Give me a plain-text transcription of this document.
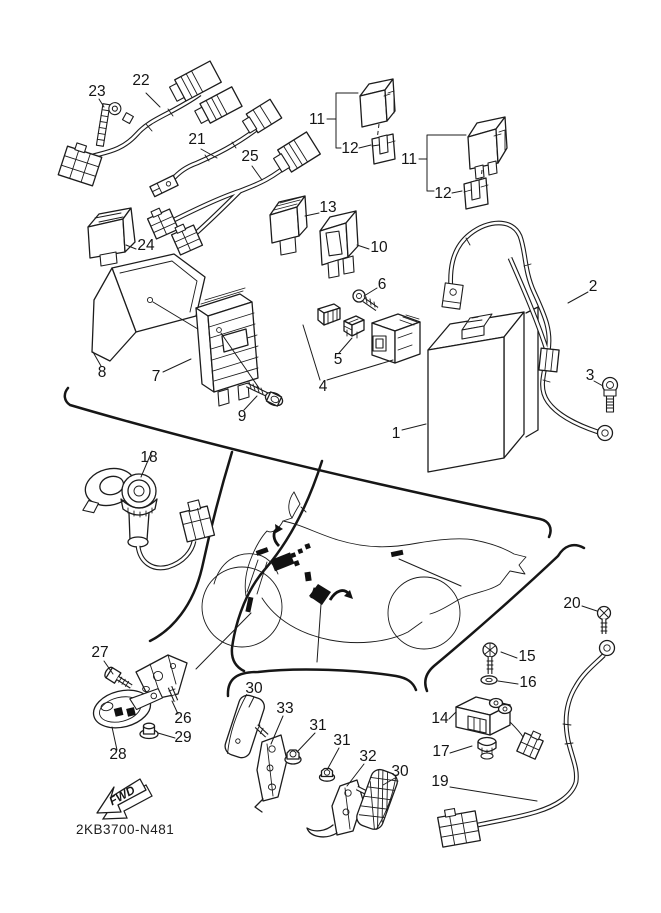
23
22
21
25
24
13
10
11
12
11
12
2
3
8	7
9
6
5
4
1
18
27
26
29
28
30
33
31
31
32
30
20
15
16
14
17
19
FWD
2KB3700-N481
